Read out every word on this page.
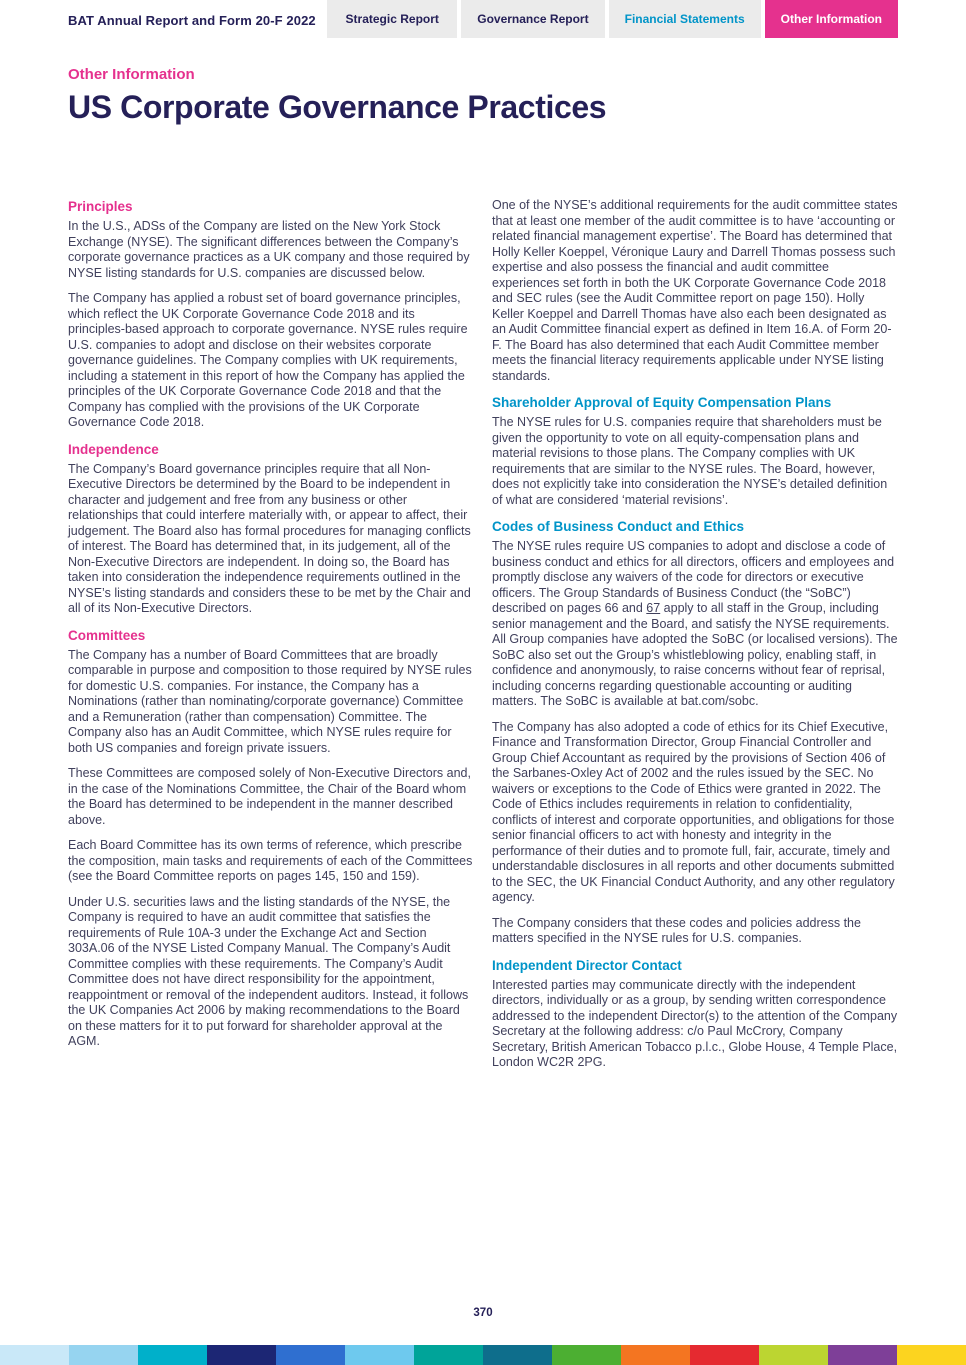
BAT Annual Report and Form 20-F 2022	Strategic Report	Governance Report	Financial Statements	Other Information
Other Information
US Corporate Governance Practices
Principles

In the U.S., ADSs of the Company are listed on the New York Stock Exchange (NYSE). The significant differences between the Company’s corporate governance practices as a UK company and those required by NYSE listing standards for U.S. companies are discussed below.

The Company has applied a robust set of board governance principles, which reflect the UK Corporate Governance Code 2018 and its principles-based approach to corporate governance. NYSE rules require U.S. companies to adopt and disclose on their websites corporate governance guidelines. The Company complies with UK requirements, including a statement in this report of how the Company has applied the principles of the UK Corporate Governance Code 2018 and that the Company has complied with the provisions of the UK Corporate Governance Code 2018.

Independence

The Company’s Board governance principles require that all Non-Executive Directors be determined by the Board to be independent in character and judgement and free from any business or other relationships that could interfere materially with, or appear to affect, their judgement. The Board also has formal procedures for managing conflicts of interest. The Board has determined that, in its judgement, all of the Non-Executive Directors are independent. In doing so, the Board has taken into consideration the independence requirements outlined in the NYSE’s listing standards and considers these to be met by the Chair and all of its Non-Executive Directors.

Committees

The Company has a number of Board Committees that are broadly comparable in purpose and composition to those required by NYSE rules for domestic U.S. companies. For instance, the Company has a Nominations (rather than nominating/corporate governance) Committee and a Remuneration (rather than compensation) Committee. The Company also has an Audit Committee, which NYSE rules require for both US companies and foreign private issuers.

These Committees are composed solely of Non-Executive Directors and, in the case of the Nominations Committee, the Chair of the Board whom the Board has determined to be independent in the manner described above.

Each Board Committee has its own terms of reference, which prescribe the composition, main tasks and requirements of each of the Committees (see the Board Committee reports on pages 145, 150 and 159).

Under U.S. securities laws and the listing standards of the NYSE, the Company is required to have an audit committee that satisfies the requirements of Rule 10A-3 under the Exchange Act and Section 303A.06 of the NYSE Listed Company Manual. The Company’s Audit Committee complies with these requirements. The Company’s Audit Committee does not have direct responsibility for the appointment, reappointment or removal of the independent auditors. Instead, it follows the UK Companies Act 2006 by making recommendations to the Board on these matters for it to put forward for shareholder approval at the AGM.

One of the NYSE’s additional requirements for the audit committee states that at least one member of the audit committee is to have ‘accounting or related financial management expertise’. The Board has determined that Holly Keller Koeppel, Véronique Laury and Darrell Thomas possess such expertise and also possess the financial and audit committee experiences set forth in both the UK Corporate Governance Code 2018 and SEC rules (see the Audit Committee report on page 150). Holly Keller Koeppel and Darrell Thomas have also each been designated as an Audit Committee financial expert as defined in Item 16.A. of Form 20-F. The Board has also determined that each Audit Committee member meets the financial literacy requirements applicable under NYSE listing standards.

Shareholder Approval of Equity Compensation Plans

The NYSE rules for U.S. companies require that shareholders must be given the opportunity to vote on all equity-compensation plans and material revisions to those plans. The Company complies with UK requirements that are similar to the NYSE rules. The Board, however, does not explicitly take into consideration the NYSE’s detailed definition of what are considered ‘material revisions’.

Codes of Business Conduct and Ethics

The NYSE rules require US companies to adopt and disclose a code of business conduct and ethics for all directors, officers and employees and promptly disclose any waivers of the code for directors or executive officers. The Group Standards of Business Conduct (the “SoBC”) described on pages 66 and 67 apply to all staff in the Group, including senior management and the Board, and satisfy the NYSE requirements. All Group companies have adopted the SoBC (or localised versions). The SoBC also set out the Group’s whistleblowing policy, enabling staff, in confidence and anonymously, to raise concerns without fear of reprisal, including concerns regarding questionable accounting or auditing matters. The SoBC is available at bat.com/sobc.

The Company has also adopted a code of ethics for its Chief Executive, Finance and Transformation Director, Group Financial Controller and Group Chief Accountant as required by the provisions of Section 406 of the Sarbanes-Oxley Act of 2002 and the rules issued by the SEC. No waivers or exceptions to the Code of Ethics were granted in 2022. The Code of Ethics includes requirements in relation to confidentiality, conflicts of interest and corporate opportunities, and obligations for those senior financial officers to act with honesty and integrity in the performance of their duties and to promote full, fair, accurate, timely and understandable disclosures in all reports and other documents submitted to the SEC, the UK Financial Conduct Authority, and any other regulatory agency.

The Company considers that these codes and policies address the matters specified in the NYSE rules for U.S. companies.

Independent Director Contact

Interested parties may communicate directly with the independent directors, individually or as a group, by sending written correspondence addressed to the independent Director(s) to the attention of the Company Secretary at the following address: c/o Paul McCrory, Company Secretary, British American Tobacco p.l.c., Globe House, 4 Temple Place, London WC2R 2PG.

370
